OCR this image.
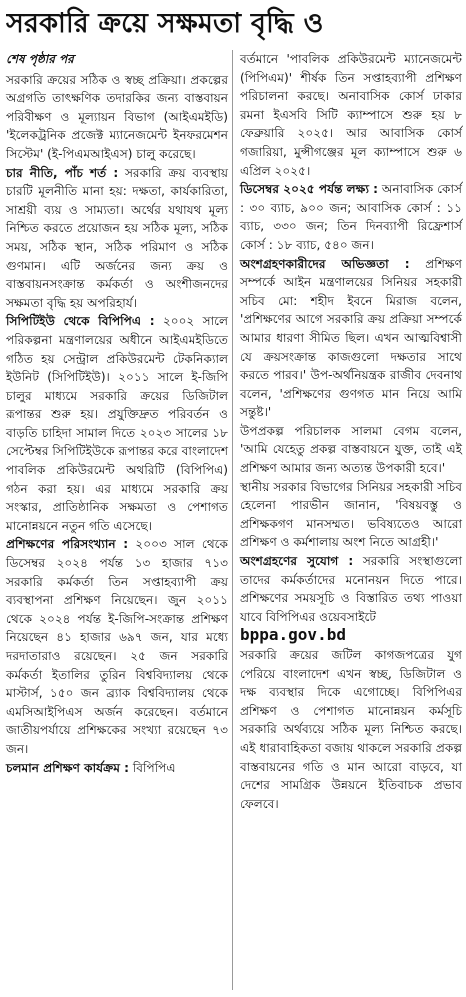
সরকারি ক্রয়ে সক্ষমতা বৃদ্ধি ও

শেষ পৃষ্ঠার পর

সরকারি ক্রয়ের সঠিক ও স্বচ্ছ প্রক্রিয়া। প্রকল্পের অগ্রগতি তাৎক্ষণিক তদারকির জন্য বাস্তবায়ন পরিবীক্ষণ ও মূল্যায়ন বিভাগ (আইএমইডি) 'ইলেকট্রনিক প্রজেক্ট ম্যানেজমেন্ট ইনফরমেশন সিস্টেম' (ই-পিএমআইএস) চালু করেছে।

চার নীতি, পাঁচ শর্ত : সরকারি ক্রয় ব্যবস্থায় চারটি মূলনীতি মানা হয়: দক্ষতা, কার্যকারিতা, সাশ্রয়ী ব্যয় ও সাম্যতা। অর্থের যথাযথ মূল্য নিশ্চিত করতে প্রয়োজন হয় সঠিক মূল্য, সঠিক সময়, সঠিক স্থান, সঠিক পরিমাণ ও সঠিক গুণমান। এটি অর্জনের জন্য ক্রয় ও বাস্তবায়নসংক্রান্ত কর্মকর্তা ও অংশীজনদের সক্ষমতা বৃদ্ধি হয় অপরিহার্য।

সিপিটিইউ থেকে বিপিপিএ : ২০০২ সালে পরিকল্পনা মন্ত্রণালয়ের অধীনে আইএমইডিতে গঠিত হয় সেন্ট্রাল প্রকিউরমেন্ট টেকনিক্যাল ইউনিট (সিপিটিইউ)। ২০১১ সালে ই-জিপি চালুর মাধ্যমে সরকারি ক্রয়ের ডিজিটাল রূপান্তর শুরু হয়। প্রযুক্তিদ্রুত পরিবর্তন ও বাড়তি চাহিদা সামাল দিতে ২০২৩ সালের ১৮ সেপ্টেম্বর সিপিটিইউকে রূপান্তর করে বাংলাদেশ পাবলিক প্রকিউরমেন্ট অথরিটি (বিপিপিএ) গঠন করা হয়। এর মাধ্যমে সরকারি ক্রয় সংস্কার, প্রাতিষ্ঠানিক সক্ষমতা ও পেশাগত মানোন্নয়নে নতুন গতি এসেছে।

প্রশিক্ষণের পরিসংখ্যান : ২০০৩ সাল থেকে ডিসেম্বর ২০২৪ পর্যন্ত ১৩ হাজার ৭১৩ সরকারি কর্মকর্তা তিন সপ্তাহব্যাপী ক্রয় ব্যবস্থাপনা প্রশিক্ষণ নিয়েছেন। জুন ২০১১ থেকে ২০২৪ পর্যন্ত ই-জিপি-সংক্রান্ত প্রশিক্ষণ নিয়েছেন ৪১ হাজার ৬৯৭ জন, যার মধ্যে দরদাতারাও রয়েছেন। ২৫ জন সরকারি কর্মকর্তা ইতালির তুরিন বিশ্ববিদ্যালয় থেকে মাস্টার্স, ১৫০ জন ব্র্যাক বিশ্ববিদ্যালয় থেকে এমসিআইপিএস অর্জন করেছেন। বর্তমানে জাতীয়পর্যায়ে প্রশিক্ষকের সংখ্যা রয়েছেন ৭৩ জন।

চলমান প্রশিক্ষণ কার্যক্রম : বিপিপিএ

বর্তমানে 'পাবলিক প্রকিউরমেন্ট ম্যানেজমেন্ট (পিপিএম)' শীর্ষক তিন সপ্তাহব্যাপী প্রশিক্ষণ পরিচালনা করছে। অনাবাসিক কোর্স ঢাকার রমনা ইএসবি সিটি ক্যাম্পাসে শুরু হয় ৮ ফেব্রুয়ারি ২০২৫। আর আবাসিক কোর্স গজারিয়া, মুন্সীগঞ্জের মূল ক্যাম্পাসে শুরু ৬ এপ্রিল ২০২৫।

ডিসেম্বর ২০২৫ পর্যন্ত লক্ষ্য : অনাবাসিক কোর্স : ৩০ ব্যাচ, ৯০০ জন; আবাসিক কোর্স : ১১ ব্যাচ, ৩৩০ জন; তিন দিনব্যাপী রিফ্রেশার্স কোর্স : ১৮ ব্যাচ, ৫৪০ জন।

অংশগ্রহণকারীদের অভিজ্ঞতা : প্রশিক্ষণ সম্পর্কে আইন মন্ত্রণালয়ের সিনিয়র সহকারী সচিব মো: শহীদ ইবনে মিরাজ বলেন, 'প্রশিক্ষণের আগে সরকারি ক্রয় প্রক্রিয়া সম্পর্কে আমার ধারণা সীমিত ছিল। এখন আত্মবিশ্বাসী যে ক্রয়সংক্রান্ত কাজগুলো দক্ষতার সাথে করতে পারব।' উপ-অর্থনিয়ন্ত্রক রাজীব দেবনাথ বলেন, 'প্রশিক্ষণের গুণগত মান নিয়ে আমি সন্তুষ্ট।'

উপপ্রকল্প পরিচালক সালমা বেগম বলেন, 'আমি যেহেতু প্রকল্প বাস্তবায়নে যুক্ত, তাই এই প্রশিক্ষণ আমার জন্য অত্যন্ত উপকারী হবে।'

স্থানীয় সরকার বিভাগের সিনিয়র সহকারী সচিব হেলেনা পারভীন জানান, 'বিষয়বস্তু ও প্রশিক্ষকগণ মানসম্মত। ভবিষ্যতেও আরো প্রশিক্ষণ ও কর্মশালায় অংশ নিতে আগ্রহী।'

অংশগ্রহণের সুযোগ : সরকারি সংস্থাগুলো তাদের কর্মকর্তাদের মনোনয়ন দিতে পারে। প্রশিক্ষণের সময়সূচি ও বিস্তারিত তথ্য পাওয়া যাবে বিপিপিএর ওয়েবসাইটে

bppa.gov.bd

সরকারি ক্রয়ের জটিল কাগজপত্রের যুগ পেরিয়ে বাংলাদেশ এখন স্বচ্ছ, ডিজিটাল ও দক্ষ ব্যবস্থার দিকে এগোচ্ছে। বিপিপিএর প্রশিক্ষণ ও পেশাগত মানোন্নয়ন কর্মসূচি সরকারি অর্থব্যয়ে সঠিক মূল্য নিশ্চিত করছে। এই ধারাবাহিকতা বজায় থাকলে সরকারি প্রকল্প বাস্তবায়নের গতি ও মান আরো বাড়বে, যা দেশের সামগ্রিক উন্নয়নে ইতিবাচক প্রভাব ফেলবে।
